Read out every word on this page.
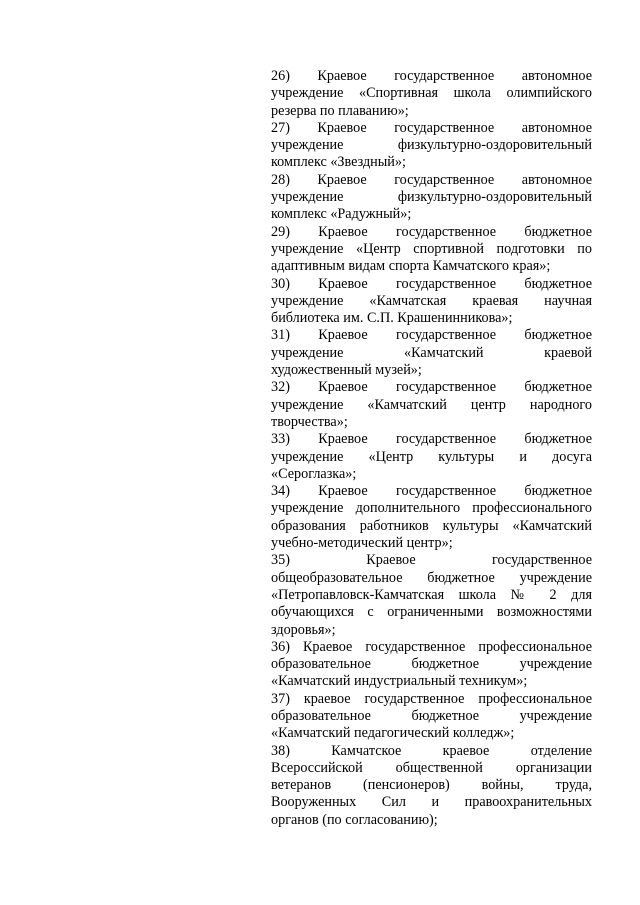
26) Краевое государственное автономное
учреждение «Спортивная школа олимпийского
резерва по плаванию»;
27) Краевое государственное автономное
учреждение физкультурно-оздоровительный
комплекс «Звездный»;
28) Краевое государственное автономное
учреждение физкультурно-оздоровительный
комплекс «Радужный»;
29) Краевое государственное бюджетное
учреждение «Центр спортивной подготовки по
адаптивным видам спорта Камчатского края»;
30) Краевое государственное бюджетное
учреждение «Камчатская краевая научная
библиотека им. С.П. Крашенинникова»;
31) Краевое государственное бюджетное
учреждение «Камчатский краевой
художественный музей»;
32) Краевое государственное бюджетное
учреждение «Камчатский центр народного
творчества»;
33) Краевое государственное бюджетное
учреждение «Центр культуры и досуга
«Сероглазка»;
34) Краевое государственное бюджетное
учреждение дополнительного профессионального
образования работников культуры «Камчатский
учебно-методический центр»;
35) Краевое государственное
общеобразовательное бюджетное учреждение
«Петропавловск-Камчатская школа № 2 для
обучающихся с ограниченными возможностями
здоровья»;
36) Краевое государственное профессиональное
образовательное бюджетное учреждение
«Камчатский индустриальный техникум»;
37) краевое государственное профессиональное
образовательное бюджетное учреждение
«Камчатский педагогический колледж»;
38) Камчатское краевое отделение
Всероссийской общественной организации
ветеранов (пенсионеров) войны, труда,
Вооруженных Сил и правоохранительных
органов (по согласованию);
